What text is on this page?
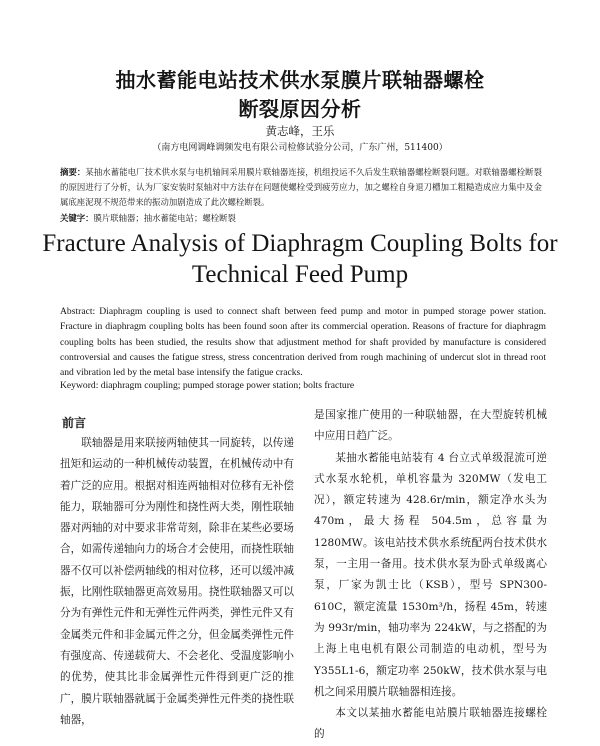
抽水蓄能电站技术供水泵膜片联轴器螺栓
断裂原因分析
黄志峰，王乐
（南方电网调峰调频发电有限公司检修试验分公司，广东广州，511400）
摘要：某抽水蓄能电厂技术供水泵与电机轴间采用膜片联轴器连接，机组投运不久后发生联轴器螺栓断裂问题。对联轴器螺栓断裂的原因进行了分析，认为厂家安装时泵轴对中方法存在问题使螺栓受到疲劳应力，加之螺栓自身退刀槽加工粗糙造成应力集中及金属底座泥现不规范带来的振动加剧造成了此次螺栓断裂。
关键字：膜片联轴器；抽水蓄能电站；螺栓断裂
Fracture Analysis of Diaphragm Coupling Bolts for
Technical Feed Pump
Abstract: Diaphragm coupling is used to connect shaft between feed pump and motor in pumped storage power station. Fracture in diaphragm coupling bolts has been found soon after its commercial operation. Reasons of fracture for diaphragm coupling bolts has been studied, the results show that adjustment method for shaft provided by manufacture is considered controversial and causes the fatigue stress, stress concentration derived from rough machining of undercut slot in thread root and vibration led by the metal base intensify the fatigue cracks.
Keyword: diaphragm coupling; pumped storage power station; bolts fracture
前言

联轴器是用来联接两轴使其一同旋转，以传递扭矩和运动的一种机械传动装置，在机械传动中有着广泛的应用。根据对相连两轴相对位移有无补偿能力，联轴器可分为刚性和挠性两大类，刚性联轴器对两轴的对中要求非常苛刻，除非在某些必要场合，如需传递轴向力的场合才会使用，而挠性联轴器不仅可以补偿两轴线的相对位移，还可以缓冲减振，比刚性联轴器更高效易用。挠性联轴器又可以分为有弹性元件和无弹性元件两类，弹性元件又有金属类元件和非金属元件之分，但金属类弹性元件有强度高、传递载荷大、不会老化、受温度影响小的优势，使其比非金属弹性元件得到更广泛的推广，膜片联轴器就属于金属类弹性元件类的挠性联轴器，

是国家推广使用的一种联轴器，在大型旋转机械中应用日趋广泛。

某抽水蓄能电站装有 4 台立式单级混流可逆式水泵水轮机，单机容量为 320MW（发电工况），额定转速为 428.6r/min，额定净水头为 470m，最大扬程 504.5m，总容量为 1280MW。该电站技术供水系统配两台技术供水泵，一主用一备用。技术供水泵为卧式单级离心泵，厂家为凯士比（KSB），型号 SPN300-610C，额定流量 1530m³/h，扬程 45m，转速为 993r/min，轴功率为 224kW，与之搭配的为上海上电电机有限公司制造的电动机，型号为 Y355L1-6，额定功率 250kW，技术供水泵与电机之间采用膜片联轴器相连接。

本文以某抽水蓄能电站膜片联轴器连接螺栓的
